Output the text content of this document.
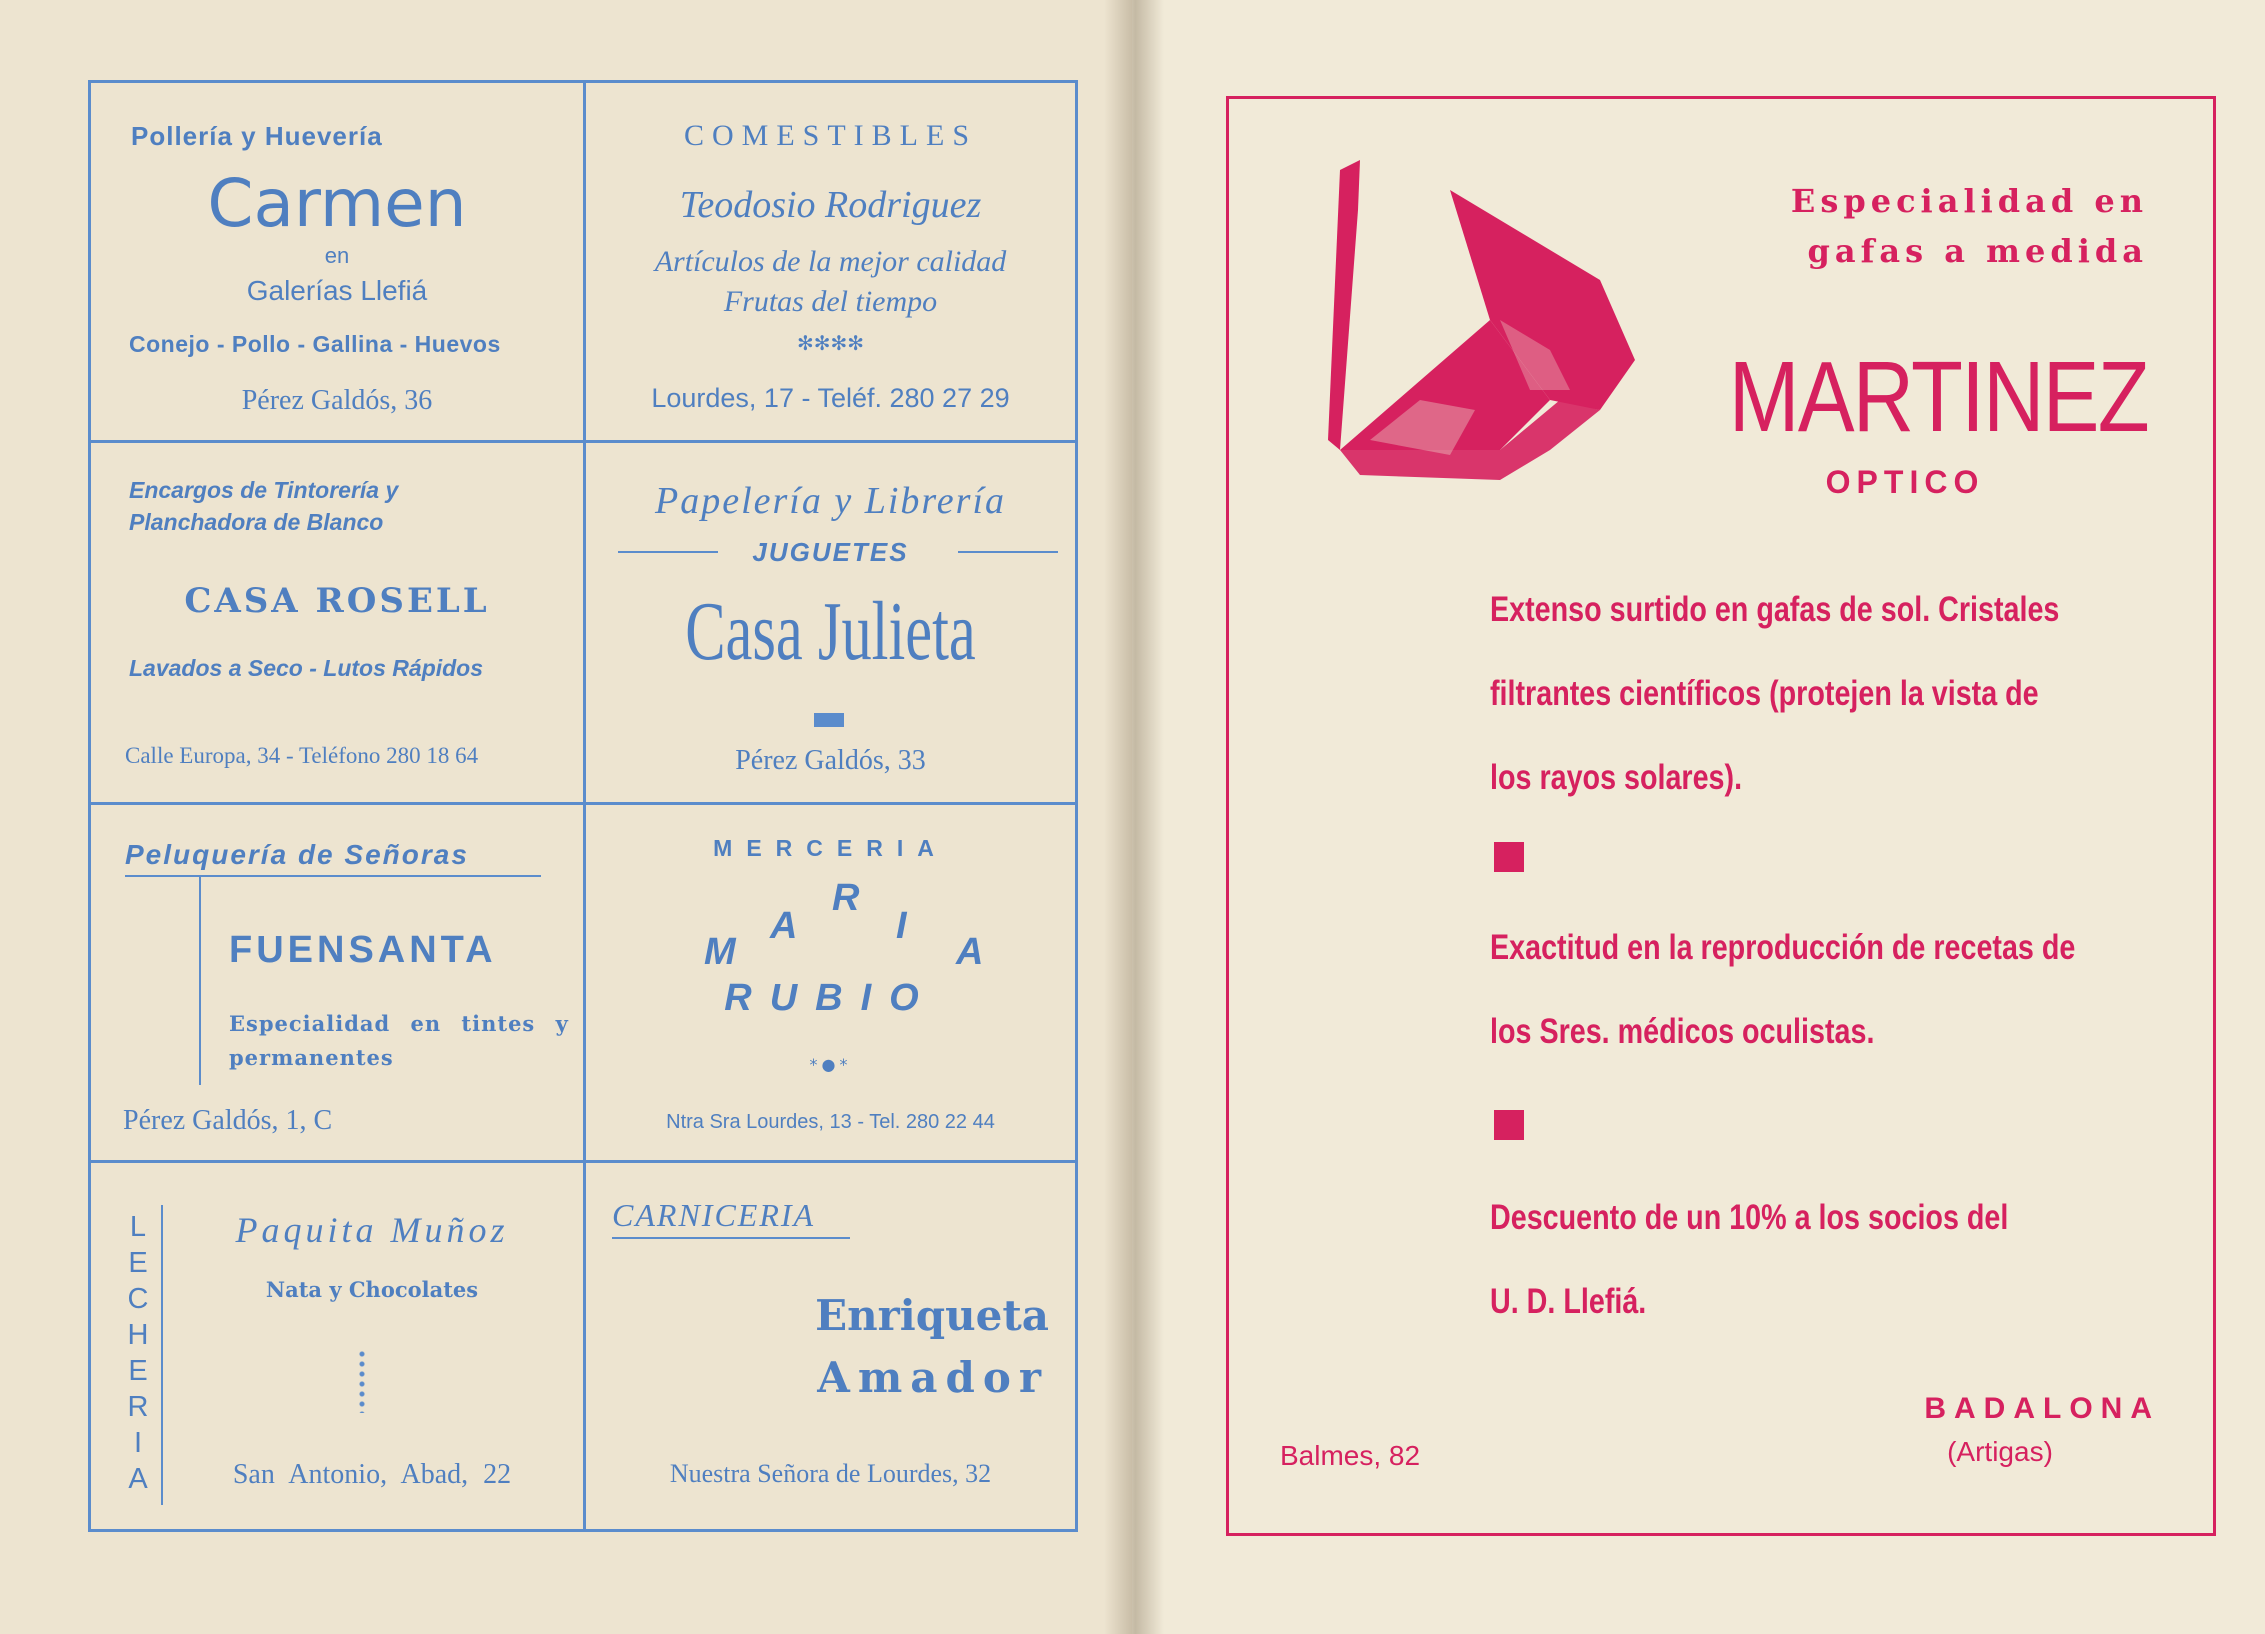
Pollería y Huevería
Carmen
en
Galerías Llefiá
Conejo - Pollo - Gallina - Huevos
Pérez Galdós, 36
COMESTIBLES
Teodosio Rodriguez
Artículos de la mejor calidad
Frutas del tiempo
✻✻✻✻
Lourdes, 17 - Teléf. 280 27 29
Encargos de Tintorería y
Planchadora de Blanco
CASA ROSELL
Lavados a Seco - Lutos Rápidos
Calle Europa, 34 - Teléfono 280 18 64
Papelería y Librería
JUGUETES
Casa Julieta
Pérez Galdós, 33
Peluquería de Señoras
FUENSANTA
Especialidad en tintes y
permanentes
Pérez Galdós, 1, C
MERCERIA
M
A
R
I
A
RUBIO
*●*
Ntra Sra Lourdes, 13 - Tel. 280 22 44
L
E
C
H
E
R
I
A
Paquita Muñoz
Nata y Chocolates
San Antonio, Abad, 22
CARNICERIA
Enriqueta
Amador
Nuestra Señora de Lourdes, 32
Especialidad en
gafas a medida
MARTINEZ
OPTICO
Extenso surtido en gafas de sol. Cristales
filtrantes científicos (protejen la vista de
los rayos solares).
Exactitud en la reproducción de recetas de
los Sres. médicos oculistas.
Descuento de un 10% a los socios del
U. D. Llefiá.
Balmes, 82
BADALONA
(Artigas)
